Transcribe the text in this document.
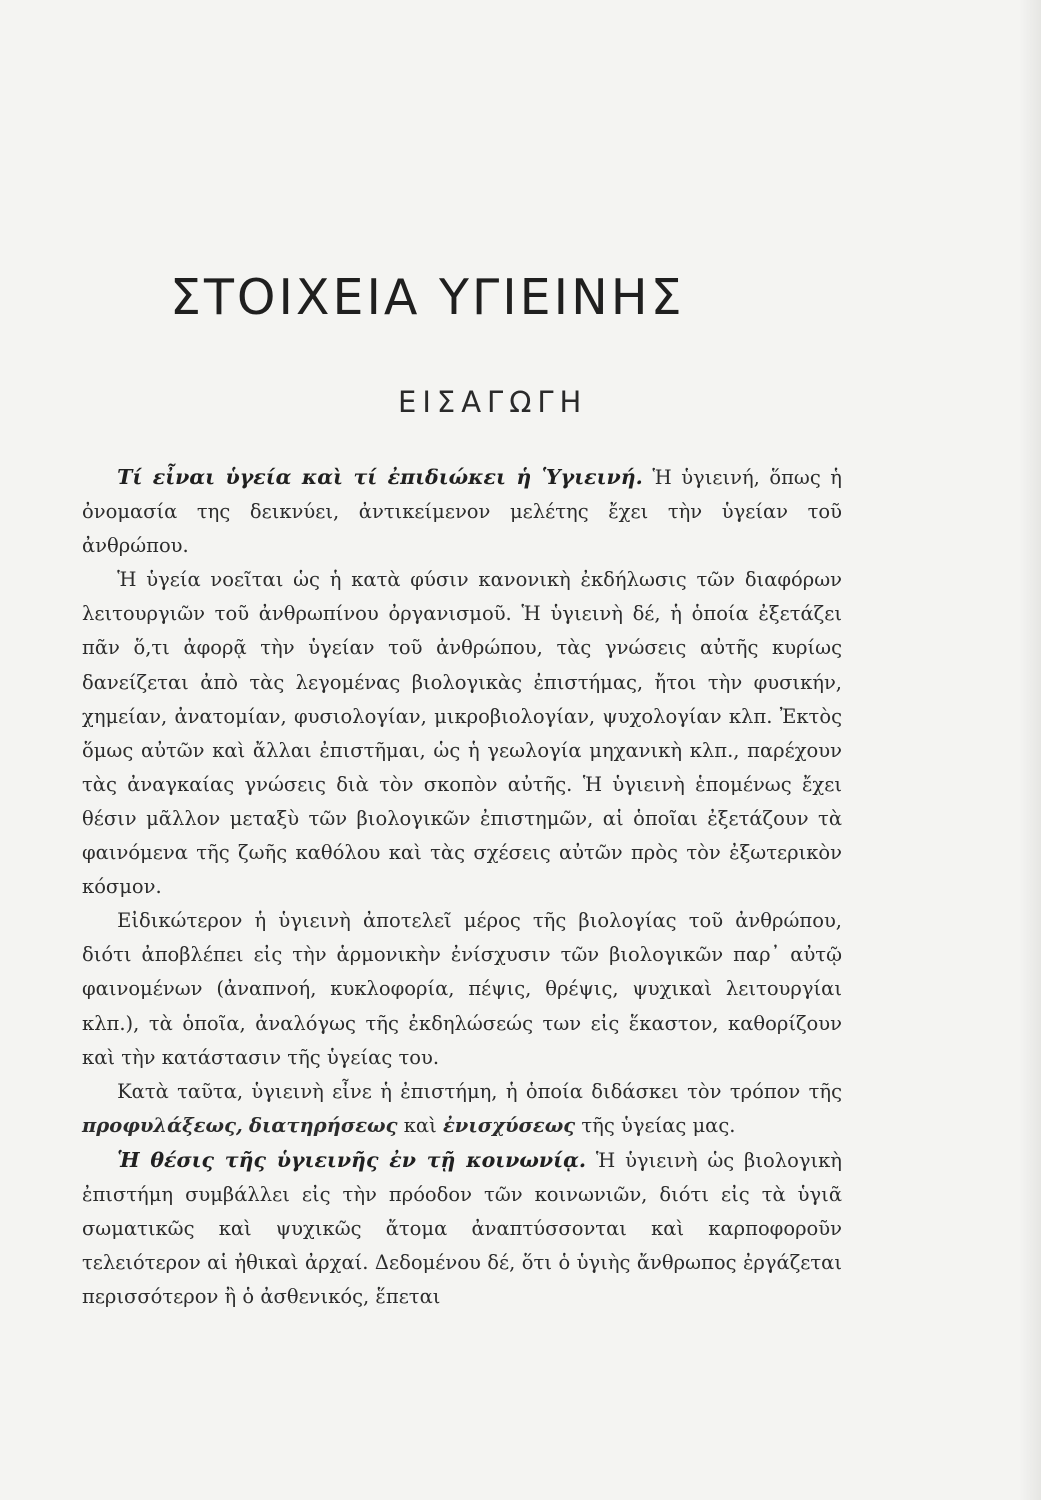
ΣΤΟΙΧΕΙΑ ΥΓΙΕΙΝΗΣ
ΕΙΣΑΓΩΓΗ

Τί εἶναι ὑγεία καὶ τί ἐπιδιώκει ἡ Ὑγιεινή. Ἡ ὑγιεινή, ὅπως ἡ ὀνομασία της δεικνύει, ἀντικείμενον μελέτης ἔχει τὴν ὑγείαν τοῦ ἀνθρώπου.

Ἡ ὑγεία νοεῖται ὡς ἡ κατὰ φύσιν κανονικὴ ἐκδήλωσις τῶν διαφόρων λειτουργιῶν τοῦ ἀνθρωπίνου ὀργανισμοῦ. Ἡ ὑγιεινὴ δέ, ἡ ὁποία ἐξετάζει πᾶν ὅ,τι ἀφορᾷ τὴν ὑγείαν τοῦ ἀνθρώπου, τὰς γνώσεις αὐτῆς κυρίως δανείζεται ἀπὸ τὰς λεγομένας βιολογικὰς ἐπιστήμας, ἤτοι τὴν φυσικήν, χημείαν, ἀνατομίαν, φυσιολογίαν, μικροβιολογίαν, ψυχολογίαν κλπ. Ἐκτὸς ὅμως αὐτῶν καὶ ἄλλαι ἐπιστῆμαι, ὡς ἡ γεωλογία μηχανικὴ κλπ., παρέχουν τὰς ἀναγκαίας γνώσεις διὰ τὸν σκοπὸν αὐτῆς. Ἡ ὑγιεινὴ ἑπομένως ἔχει θέσιν μᾶλλον μεταξὺ τῶν βιολογικῶν ἐπιστημῶν, αἱ ὁποῖαι ἐξετάζουν τὰ φαινόμενα τῆς ζωῆς καθόλου καὶ τὰς σχέσεις αὐτῶν πρὸς τὸν ἐξωτερικὸν κόσμον.

Εἰδικώτερον ἡ ὑγιεινὴ ἀποτελεῖ μέρος τῆς βιολογίας τοῦ ἀνθρώπου, διότι ἀποβλέπει εἰς τὴν ἁρμονικὴν ἐνίσχυσιν τῶν βιολογικῶν παρ᾽ αὐτῷ φαινομένων (ἀναπνοή, κυκλοφορία, πέψις, θρέψις, ψυχικαὶ λειτουργίαι κλπ.), τὰ ὁποῖα, ἀναλόγως τῆς ἐκδηλώσεώς των εἰς ἕκαστον, καθορίζουν καὶ τὴν κατάστασιν τῆς ὑγείας του.

Κατὰ ταῦτα, ὑγιεινὴ εἶνε ἡ ἐπιστήμη, ἡ ὁποία διδάσκει τὸν τρόπον τῆς προφυλάξεως, διατηρήσεως καὶ ἐνισχύσεως τῆς ὑγείας μας.

Ἡ θέσις τῆς ὑγιεινῆς ἐν τῇ κοινωνίᾳ. Ἡ ὑγιεινὴ ὡς βιολογικὴ ἐπιστήμη συμβάλλει εἰς τὴν πρόοδον τῶν κοινωνιῶν, διότι εἰς τὰ ὑγιᾶ σωματικῶς καὶ ψυχικῶς ἄτομα ἀναπτύσσονται καὶ καρποφοροῦν τελειότερον αἱ ἠθικαὶ ἀρχαί. Δεδομένου δέ, ὅτι ὁ ὑγιὴς ἄνθρωπος ἐργάζεται περισσότερον ἢ ὁ ἀσθενικός, ἕπεται
